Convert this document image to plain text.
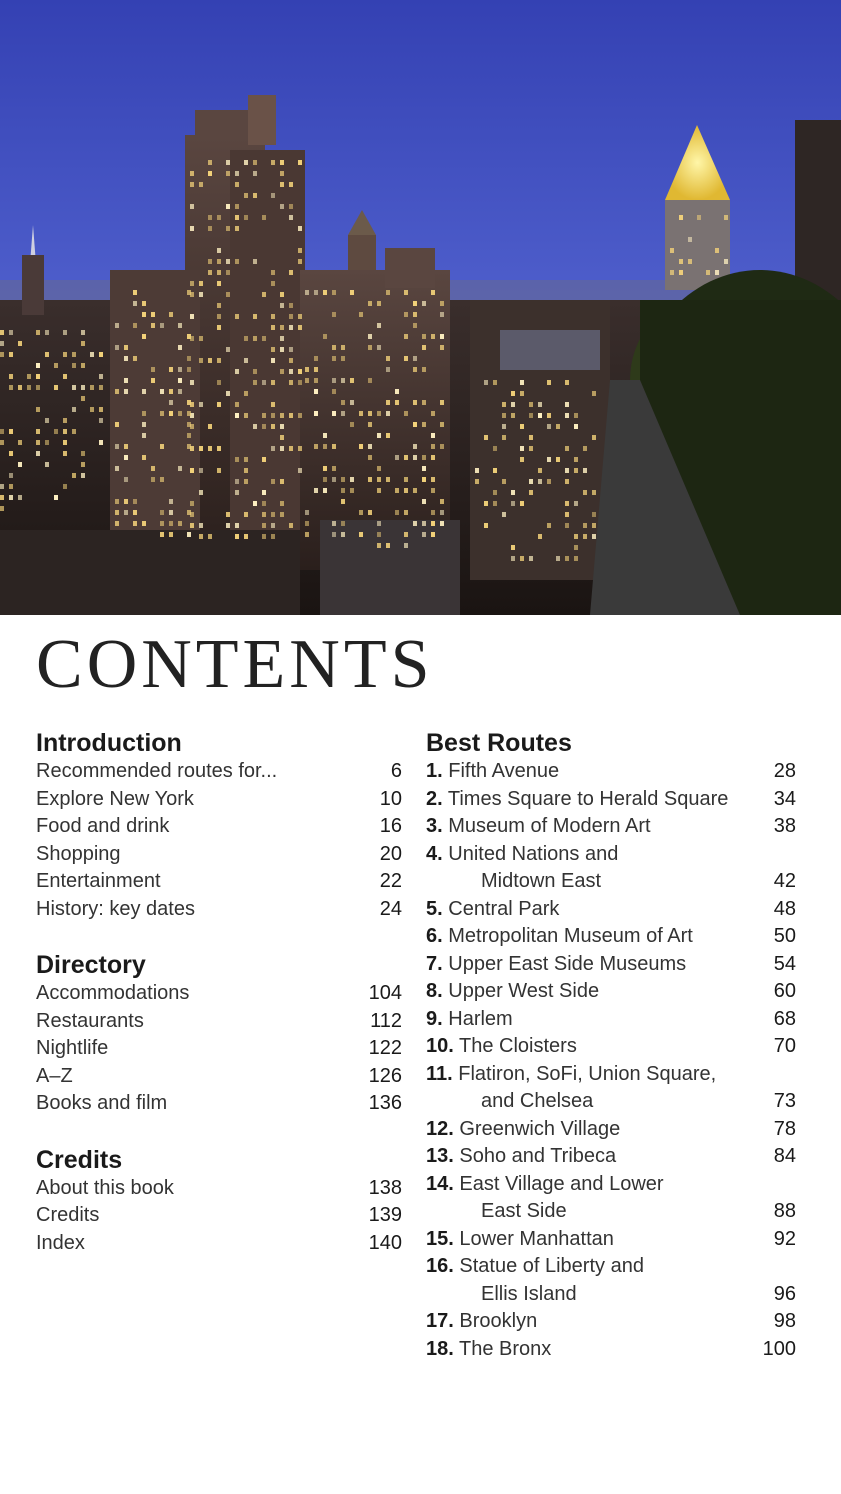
CONTENTS
Introduction
Recommended routes for...	6
Explore New York	10
Food and drink	16
Shopping	20
Entertainment	22
History: key dates	24
Directory
Accommodations	104
Restaurants	112
Nightlife	122
A–Z	126
Books and film	136
Credits
About this book	138
Credits	139
Index	140
Best Routes
1. Fifth Avenue	28
2. Times Square to Herald Square 34
3. Museum of Modern Art	38
4. United Nations and
Midtown East	42
5. Central Park	48
6. Metropolitan Museum of Art	50
7. Upper East Side Museums	54
8. Upper West Side	60
9. Harlem	68
10. The Cloisters	70
11. Flatiron, SoFi, Union Square,
and Chelsea	73
12. Greenwich Village	78
13. Soho and Tribeca	84
14. East Village and Lower
East Side	88
15. Lower Manhattan	92
16. Statue of Liberty and
Ellis Island	96
17. Brooklyn	98
18. The Bronx	100
